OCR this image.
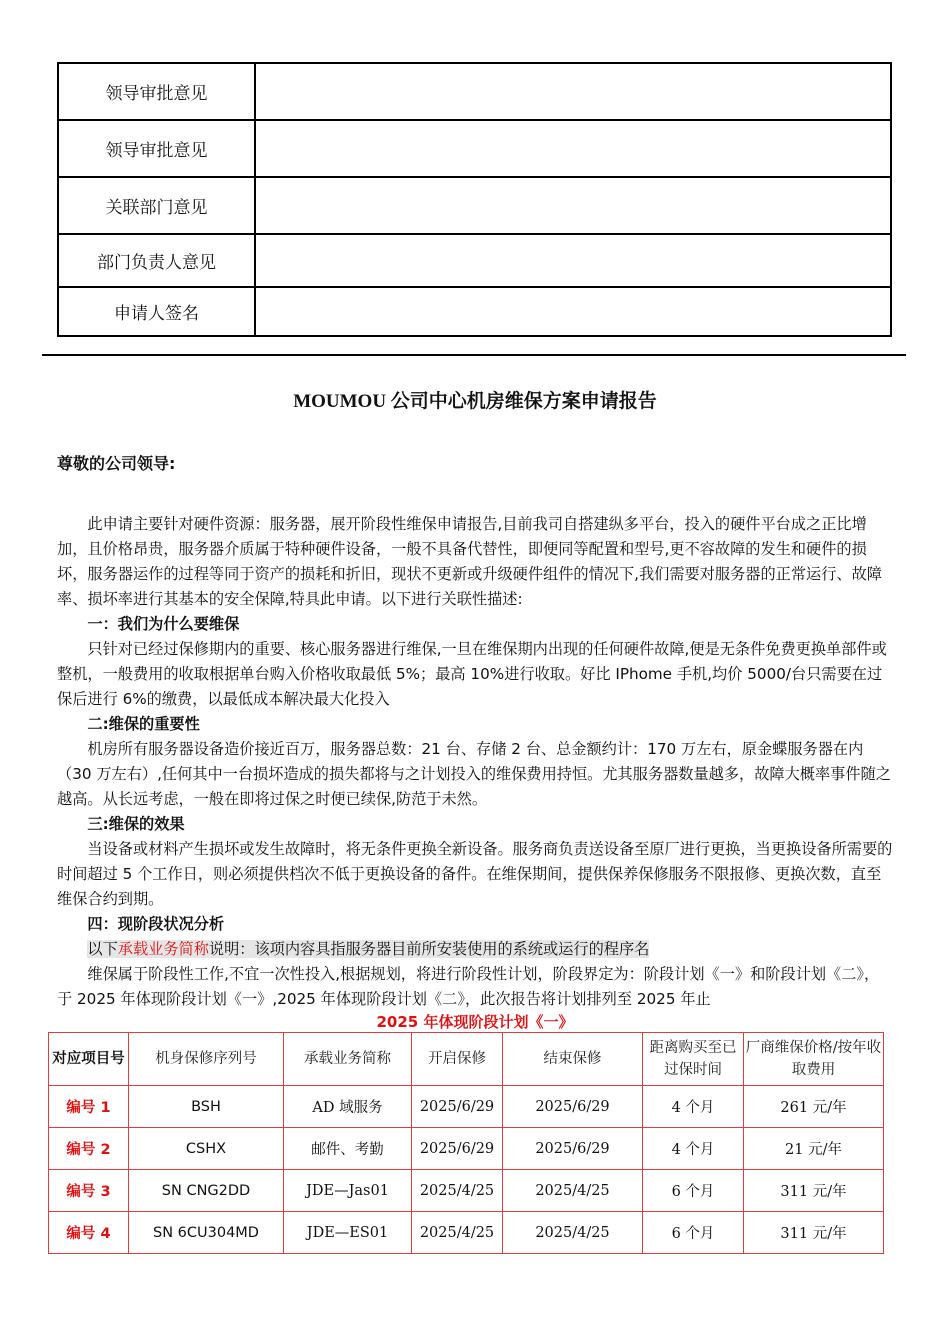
领导审批意见	
领导审批意见	
关联部门意见	
部门负责人意见	
申请人签名	
MOUMOU 公司中心机房维保方案申请报告
尊敬的公司领导:

此申请主要针对硬件资源：服务器，展开阶段性维保申请报告,目前我司自搭建纵多平台，投入的硬件平台成之正比增加，且价格昂贵，服务器介质属于特种硬件设备，一般不具备代替性，即便同等配置和型号,更不容故障的发生和硬件的损坏，服务器运作的过程等同于资产的损耗和折旧，现状不更新或升级硬件组件的情况下,我们需要对服务器的正常运行、故障率、损坏率进行其基本的安全保障,特具此申请。以下进行关联性描述:

一：我们为什么要维保

只针对已经过保修期内的重要、核心服务器进行维保,一旦在维保期内出现的任何硬件故障,便是无条件免费更换单部件或整机，一般费用的收取根据单台购入价格收取最低 5%；最高 10%进行收取。好比 IPhome 手机,均价 5000/台只需要在过保后进行 6%的缴费，以最低成本解决最大化投入

二:维保的重要性

机房所有服务器设备造价接近百万，服务器总数：21 台、存储 2 台、总金额约计：170 万左右，原金蝶服务器在内（30 万左右）,任何其中一台损坏造成的损失都将与之计划投入的维保费用持恒。尤其服务器数量越多，故障大概率事件随之越高。从长远考虑，一般在即将过保之时便已续保,防范于未然。

三:维保的效果

当设备或材料产生损坏或发生故障时，将无条件更换全新设备。服务商负责送设备至原厂进行更换，当更换设备所需要的时间超过 5 个工作日，则必须提供档次不低于更换设备的备件。在维保期间，提供保养保修服务不限报修、更换次数，直至维保合约到期。

四：现阶段状况分析

以下承载业务简称说明：该项内容具指服务器目前所安装使用的系统或运行的程序名

维保属于阶段性工作,不宜一次性投入,根据规划，将进行阶段性计划，阶段界定为：阶段计划《一》和阶段计划《二》，于 2025 年体现阶段计划《一》,2025 年体现阶段计划《二》，此次报告将计划排列至 2025 年止

2025 年体现阶段计划《一》

对应项目号	机身保修序列号	承载业务简称	开启保修	结束保修	距离购买至已过保时间	厂商维保价格/按年收取费用
编号 1	BSH	AD 域服务	2025/6/29	2025/6/29	4 个月	261 元/年
编号 2	CSHX	邮件、考勤	2025/6/29	2025/6/29	4 个月	21 元/年
编号 3	SN CNG2DD	JDE—Jas01	2025/4/25	2025/4/25	6 个月	311 元/年
编号 4	SN 6CU304MD	JDE—ES01	2025/4/25	2025/4/25	6 个月	311 元/年
